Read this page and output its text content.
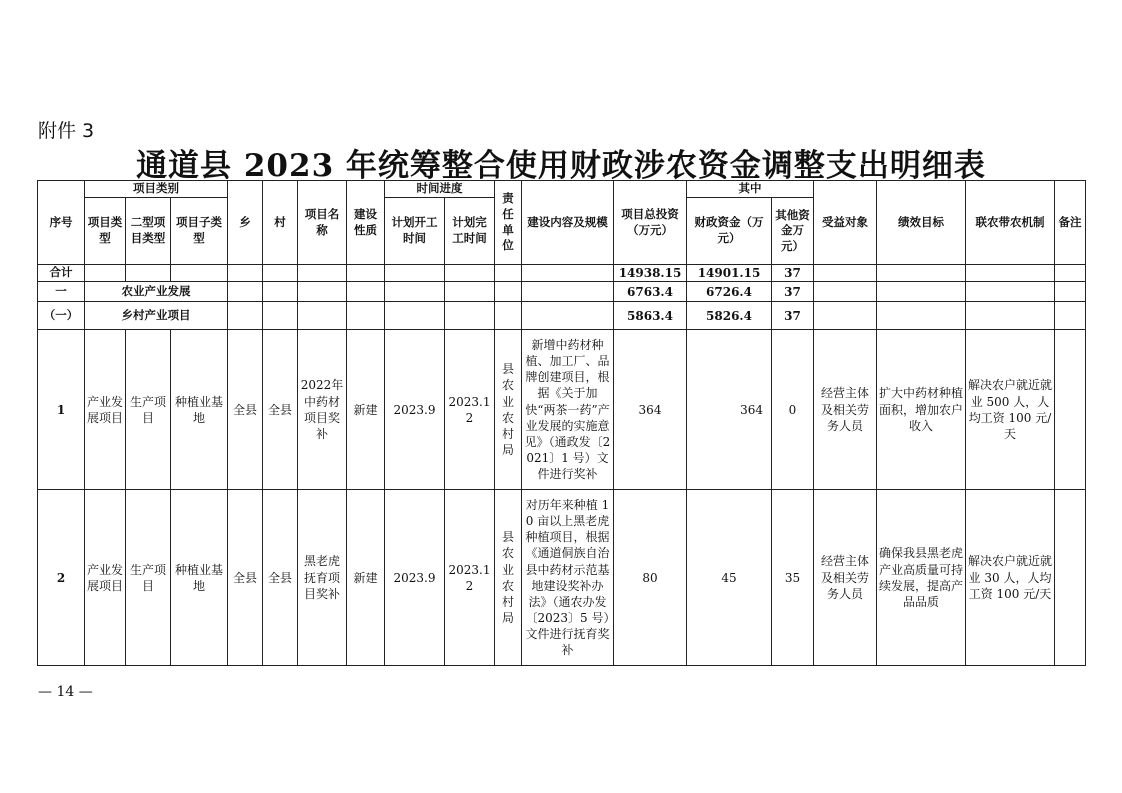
附件 3
通道县 2023 年统筹整合使用财政涉农资金调整支出明细表
序号	项目类别			乡	村	项目名称	建设性质	时间进度		责任单位	建设内容及规模	项目总投资（万元）	其中		受益对象	绩效目标	联农带农机制	备注
	项目类型	二型项目类型	项目子类型					计划开工时间	计划完工时间				财政资金（万元）	其他资金万元）				
合计												14938.15	14901.15	37				
一	农业产业发展											6763.4	6726.4	37				
（一）	乡村产业项目											5863.4	5826.4	37				
1	产业发展项目	生产项目	种植业基地	全县	全县	2022年中药材项目奖补	新建	2023.9	2023.12	县农业农村局	新增中药材种植、加工厂、品牌创建项目，根据《关于加快“两茶一药”产业发展的实施意见》（通政发〔2021〕1 号）文件进行奖补	364	364	0	经营主体及相关劳务人员	扩大中药材种植面积，增加农户收入	解决农户就近就业 500 人，人均工资 100 元/天	
2	产业发展项目	生产项目	种植业基地	全县	全县	黑老虎抚育项目奖补	新建	2023.9	2023.12	县农业农村局	对历年来种植 10 亩以上黑老虎种植项目，根据《通道侗族自治县中药材示范基地建设奖补办法》（通农办发〔2023〕5 号）文件进行抚育奖补	80	45	35	经营主体及相关劳务人员	确保我县黑老虎产业高质量可持续发展，提高产品品质	解决农户就近就业 30 人，人均工资 100 元/天	
— 14 —
